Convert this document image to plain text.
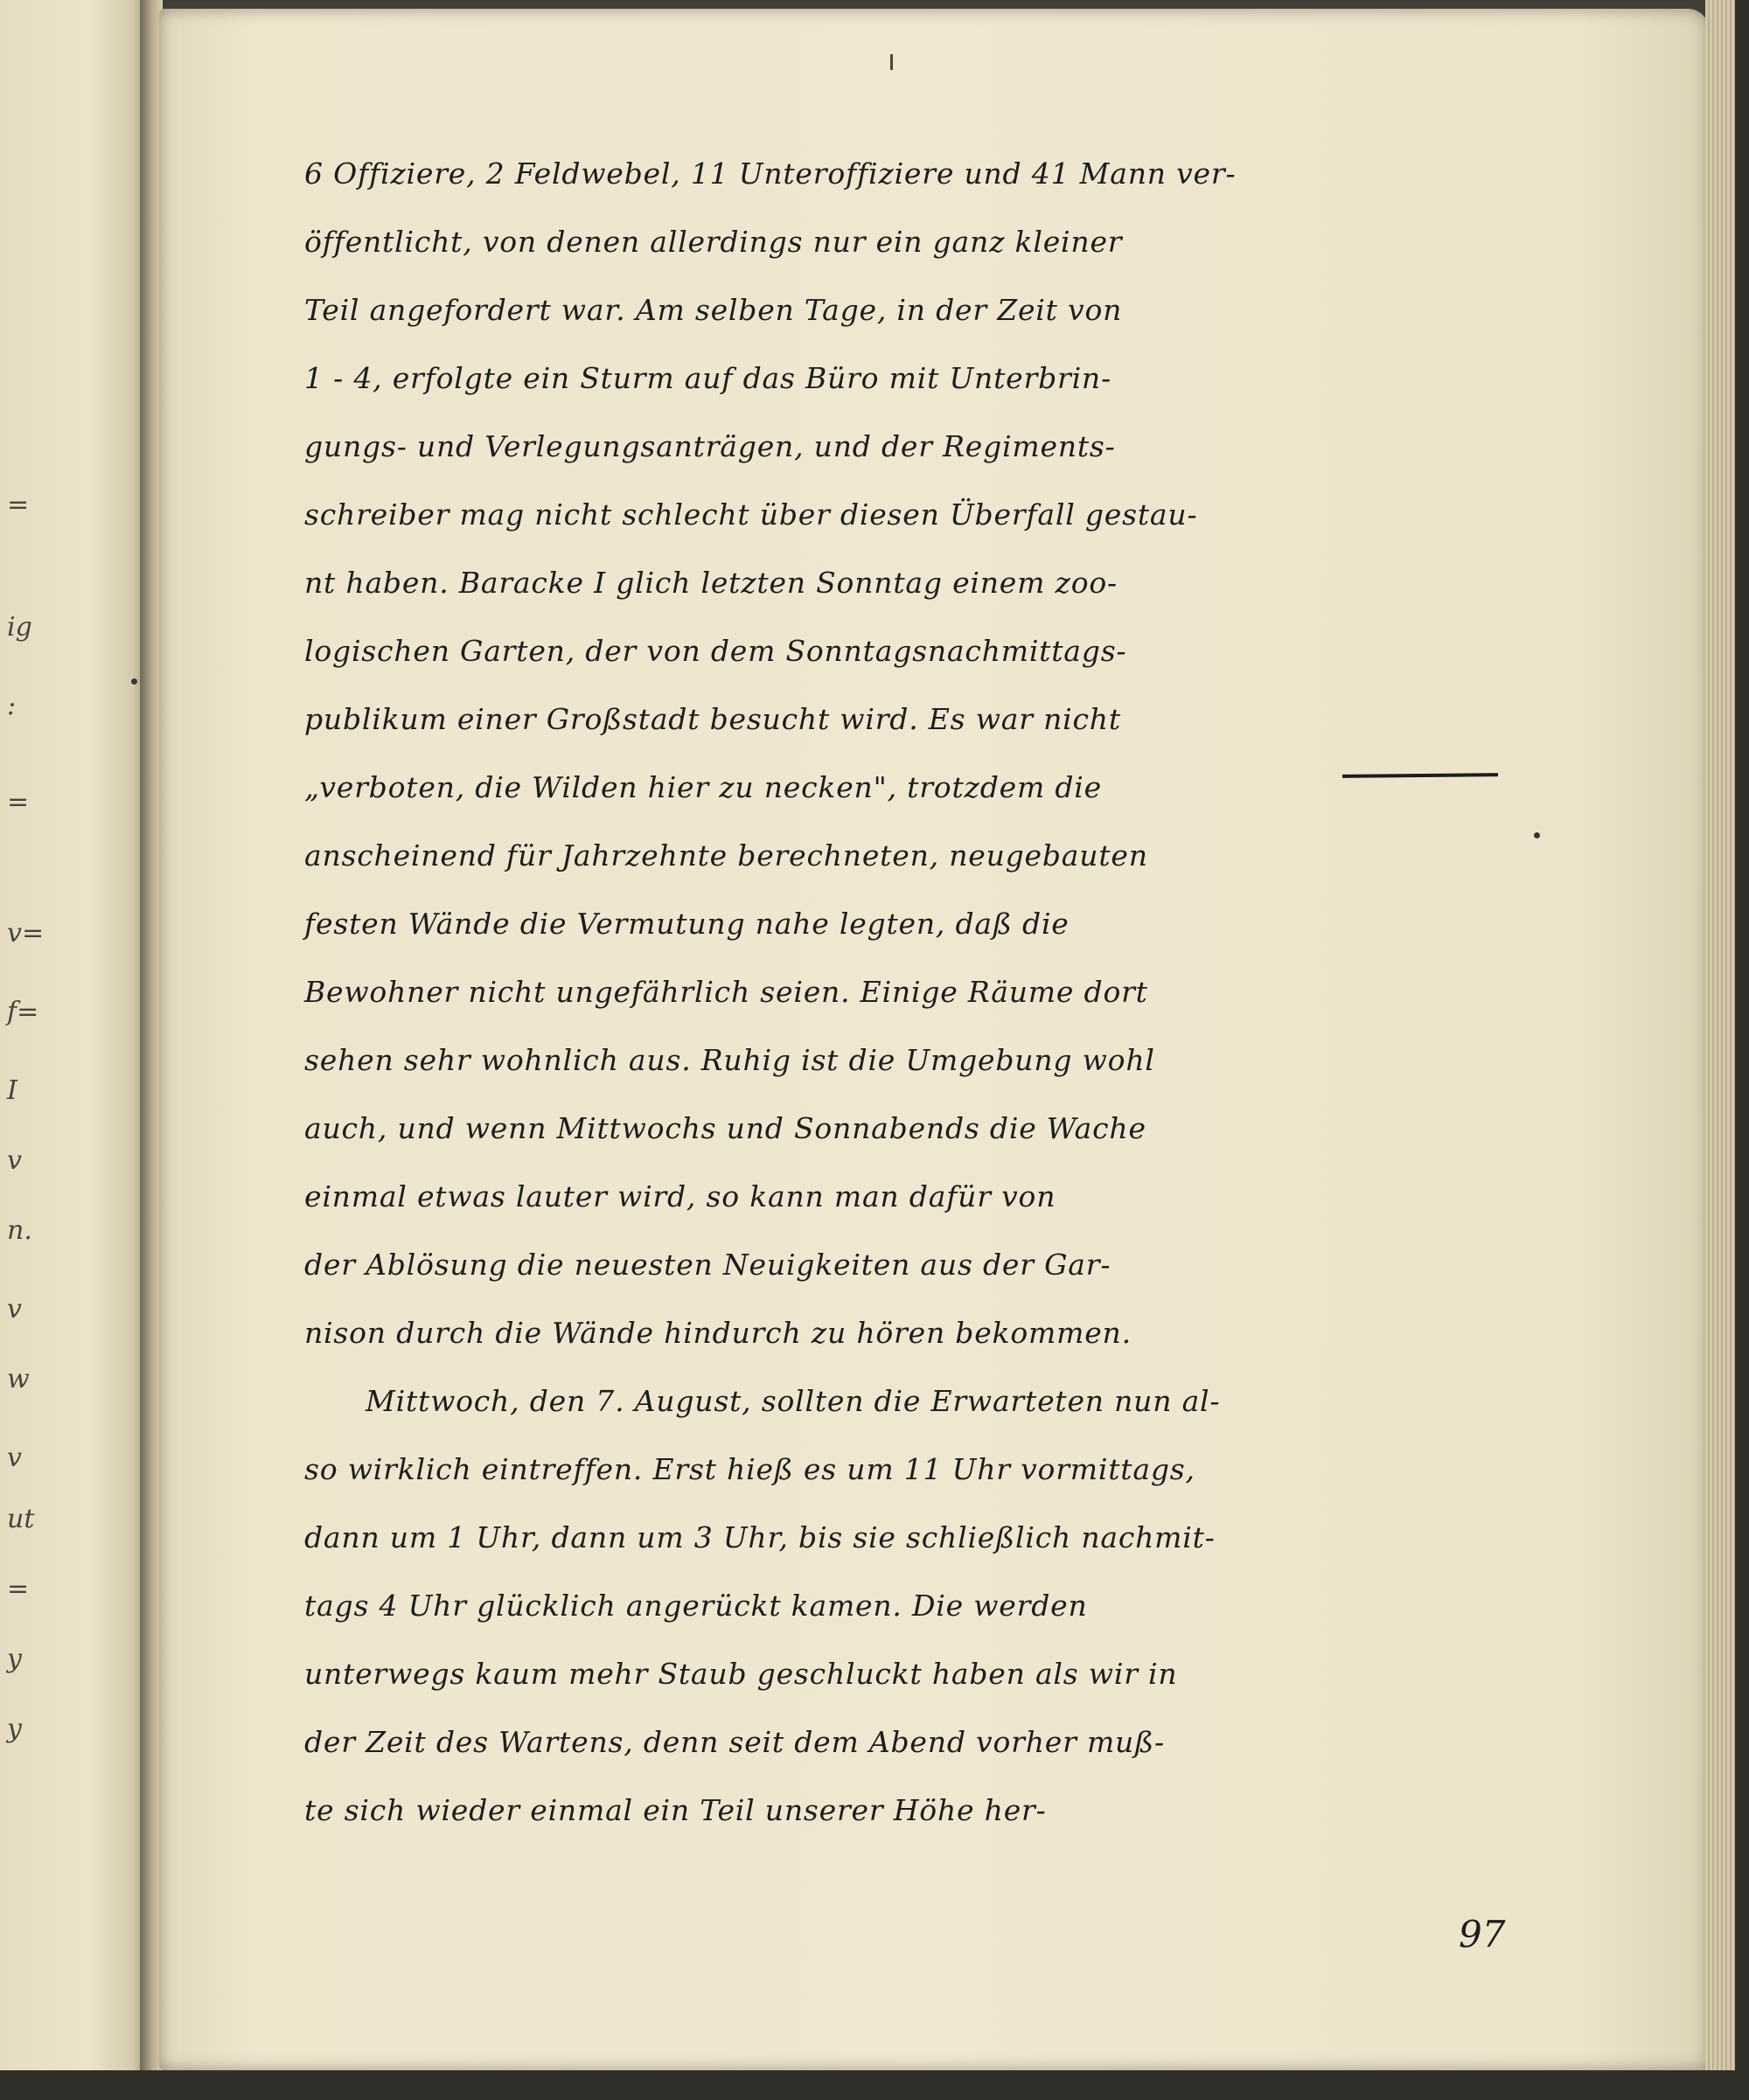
=
ig
:
=
v=
f=
I
v
n.
v
w
v
ut
=
y
y
6 Offiziere, 2 Feldwebel, 11 Unteroffiziere und 41 Mann ver-
öffentlicht, von denen allerdings nur ein ganz kleiner
Teil angefordert war. Am selben Tage, in der Zeit von
1 - 4, erfolgte ein Sturm auf das Büro mit Unterbrin-
gungs- und Verlegungsanträgen, und der Regiments-
schreiber mag nicht schlecht über diesen Überfall gestau-
nt haben. Baracke I glich letzten Sonntag einem zoo-
logischen Garten, der von dem Sonntagsnachmittags-
publikum einer Großstadt besucht wird. Es war nicht
„verboten, die Wilden hier zu necken", trotzdem die
anscheinend für Jahrzehnte berechneten, neugebauten
festen Wände die Vermutung nahe legten, daß die
Bewohner nicht ungefährlich seien. Einige Räume dort
sehen sehr wohnlich aus. Ruhig ist die Umgebung wohl
auch, und wenn Mittwochs und Sonnabends die Wache
einmal etwas lauter wird, so kann man dafür von
der Ablösung die neuesten Neuigkeiten aus der Gar-
nison durch die Wände hindurch zu hören bekommen.
Mittwoch, den 7. August, sollten die Erwarteten nun al-
so wirklich eintreffen. Erst hieß es um 11 Uhr vormittags,
dann um 1 Uhr, dann um 3 Uhr, bis sie schließlich nachmit-
tags 4 Uhr glücklich angerückt kamen. Die werden
unterwegs kaum mehr Staub geschluckt haben als wir in
der Zeit des Wartens, denn seit dem Abend vorher muß-
te sich wieder einmal ein Teil unserer Höhe her-
97
